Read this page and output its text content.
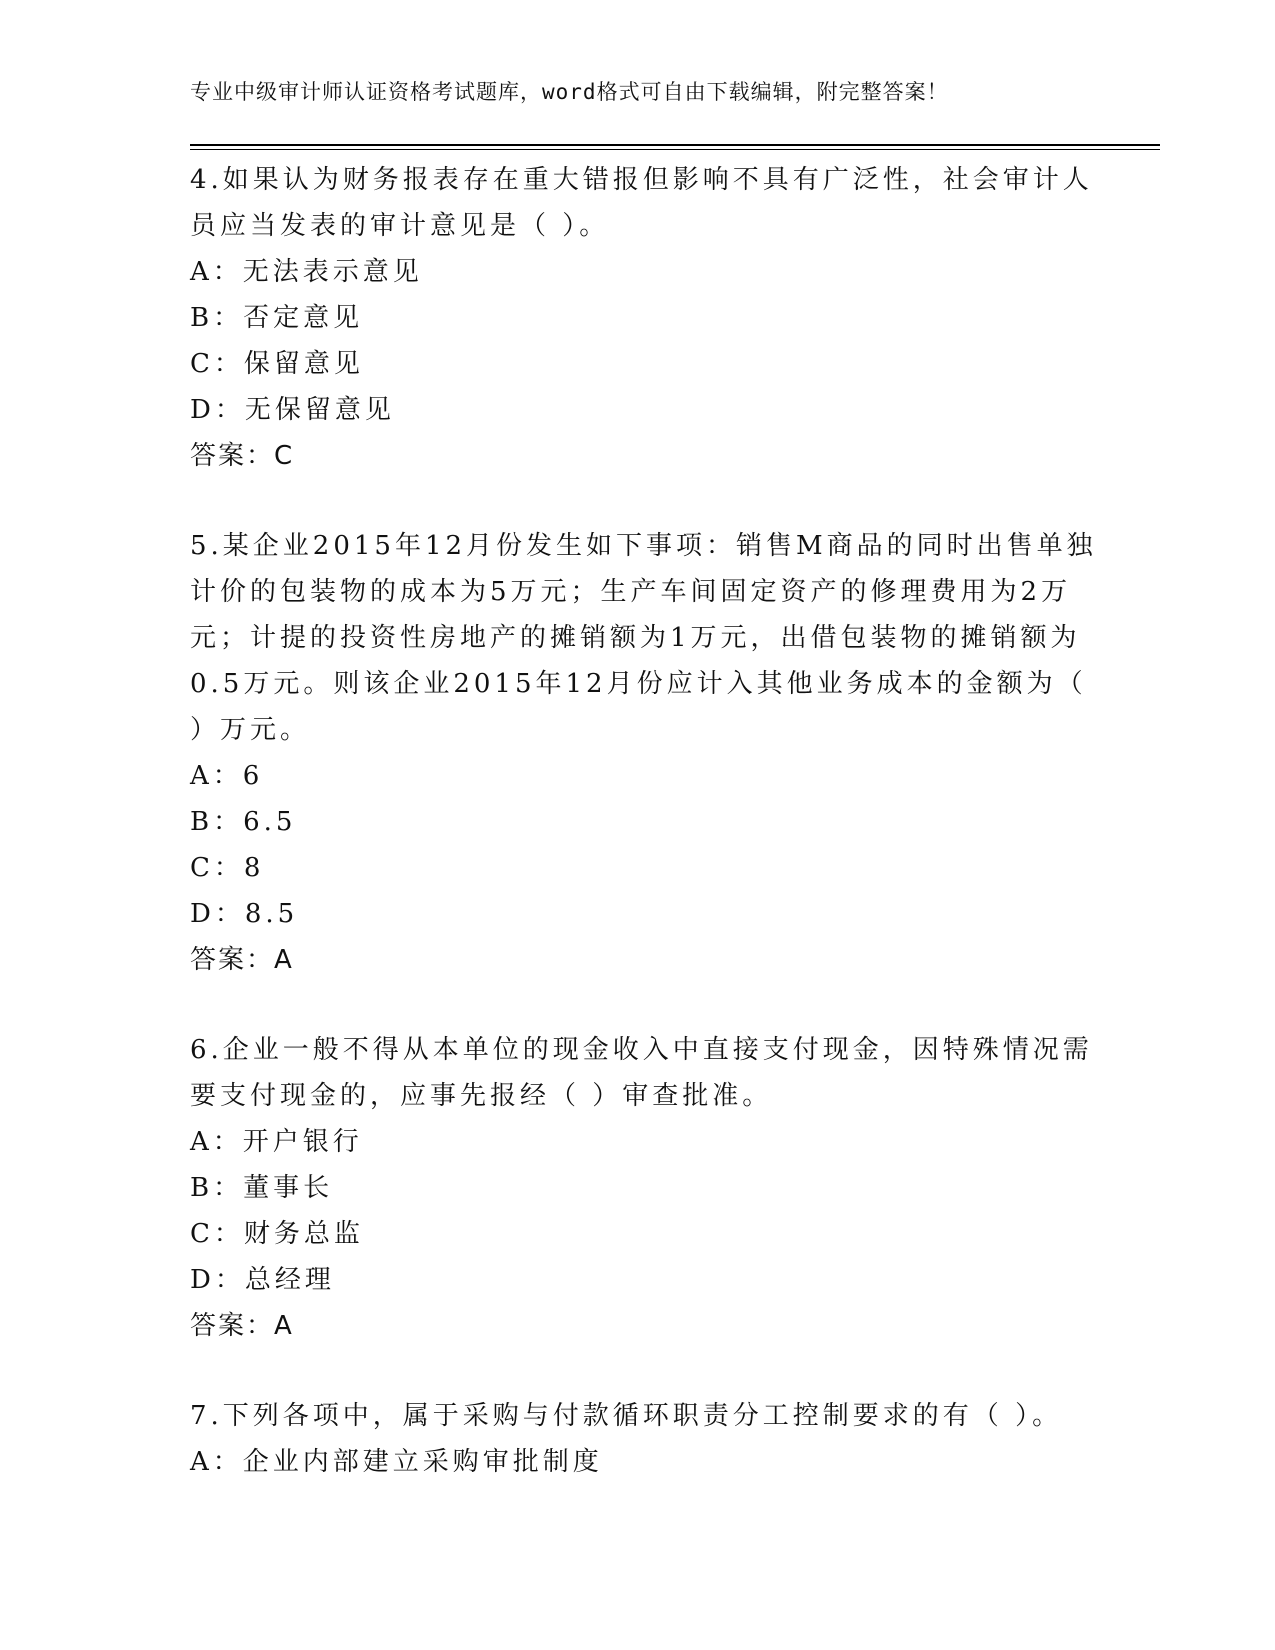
专业中级审计师认证资格考试题库，word格式可自由下载编辑，附完整答案！

4.如果认为财务报表存在重大错报但影响不具有广泛性，社会审计人

员应当发表的审计意见是（ ）。

A：无法表示意见

B：否定意见

C：保留意见

D：无保留意见

答案：C

5.某企业2015年12月份发生如下事项：销售M商品的同时出售单独

计价的包装物的成本为5万元；生产车间固定资产的修理费用为2万

元；计提的投资性房地产的摊销额为1万元，出借包装物的摊销额为

0.5万元。则该企业2015年12月份应计入其他业务成本的金额为（

）万元。

A：6

B：6.5

C：8

D：8.5

答案：A

6.企业一般不得从本单位的现金收入中直接支付现金，因特殊情况需

要支付现金的，应事先报经（ ）审查批准。

A：开户银行

B：董事长

C：财务总监

D：总经理

答案：A

7.下列各项中，属于采购与付款循环职责分工控制要求的有（ ）。

A：企业内部建立采购审批制度
